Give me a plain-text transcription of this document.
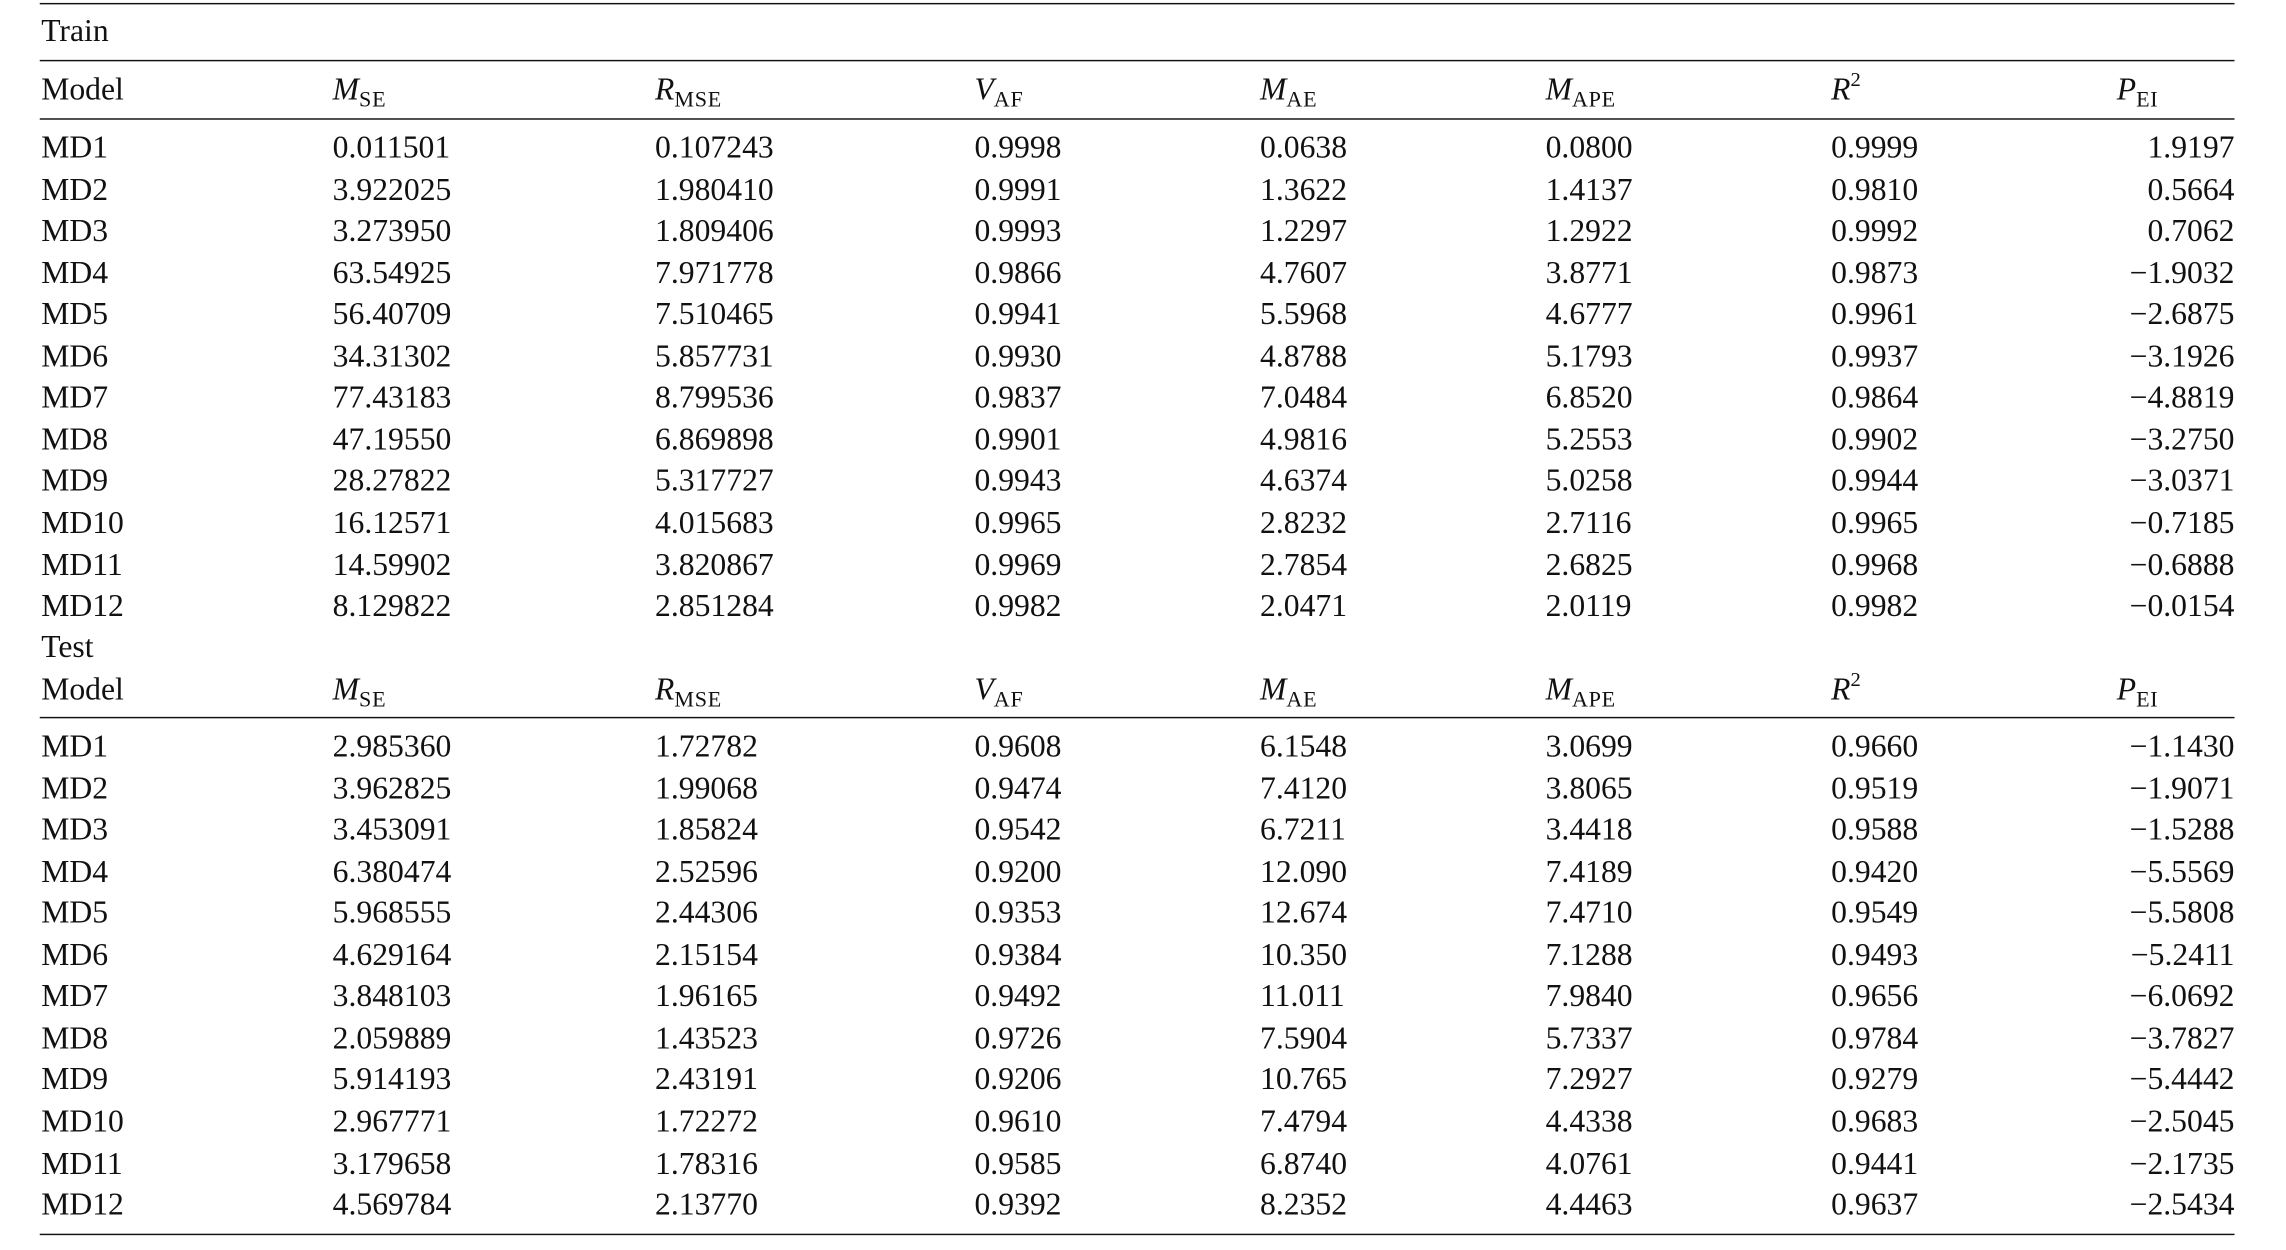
Train
Model	$M_{SE}$	$R_{MSE}$	$V_{AF}$	$M_{AE}$	$M_{APE}$	$R^2$	$P_{EI}$
MD1	0.011501	0.107243	0.9998	0.0638	0.0800	0.9999	1.9197
MD2	3.922025	1.980410	0.9991	1.3622	1.4137	0.9810	0.5664
MD3	3.273950	1.809406	0.9993	1.2297	1.2922	0.9992	0.7062
MD4	63.54925	7.971778	0.9866	4.7607	3.8771	0.9873	−1.9032
MD5	56.40709	7.510465	0.9941	5.5968	4.6777	0.9961	−2.6875
MD6	34.31302	5.857731	0.9930	4.8788	5.1793	0.9937	−3.1926
MD7	77.43183	8.799536	0.9837	7.0484	6.8520	0.9864	−4.8819
MD8	47.19550	6.869898	0.9901	4.9816	5.2553	0.9902	−3.2750
MD9	28.27822	5.317727	0.9943	4.6374	5.0258	0.9944	−3.0371
MD10	16.12571	4.015683	0.9965	2.8232	2.7116	0.9965	−0.7185
MD11	14.59902	3.820867	0.9969	2.7854	2.6825	0.9968	−0.6888
MD12	8.129822	2.851284	0.9982	2.0471	2.0119	0.9982	−0.0154
Test
Model	$M_{SE}$	$R_{MSE}$	$V_{AF}$	$M_{AE}$	$M_{APE}$	$R^2$	$P_{EI}$
MD1	2.985360	1.72782	0.9608	6.1548	3.0699	0.9660	−1.1430
MD2	3.962825	1.99068	0.9474	7.4120	3.8065	0.9519	−1.9071
MD3	3.453091	1.85824	0.9542	6.7211	3.4418	0.9588	−1.5288
MD4	6.380474	2.52596	0.9200	12.090	7.4189	0.9420	−5.5569
MD5	5.968555	2.44306	0.9353	12.674	7.4710	0.9549	−5.5808
MD6	4.629164	2.15154	0.9384	10.350	7.1288	0.9493	−5.2411
MD7	3.848103	1.96165	0.9492	11.011	7.9840	0.9656	−6.0692
MD8	2.059889	1.43523	0.9726	7.5904	5.7337	0.9784	−3.7827
MD9	5.914193	2.43191	0.9206	10.765	7.2927	0.9279	−5.4442
MD10	2.967771	1.72272	0.9610	7.4794	4.4338	0.9683	−2.5045
MD11	3.179658	1.78316	0.9585	6.8740	4.0761	0.9441	−2.1735
MD12	4.569784	2.13770	0.9392	8.2352	4.4463	0.9637	−2.5434
